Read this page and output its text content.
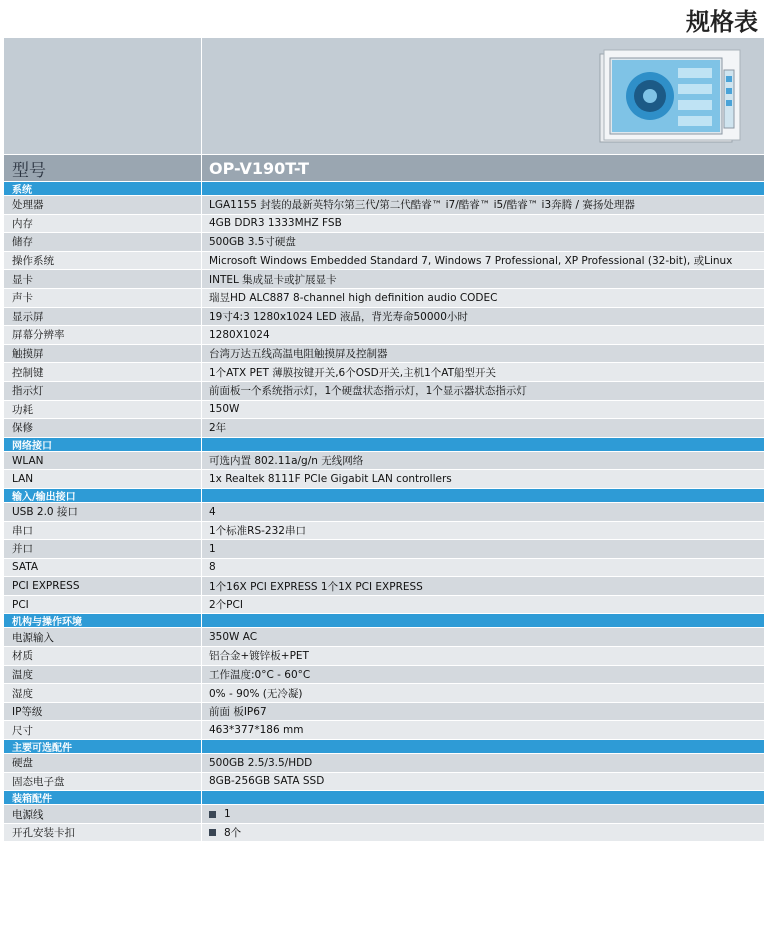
规格表
型号	OP-V190T-T
系统
处理器	LGA1155 封装的最新英特尔第三代/第二代酷睿™ i7/酷睿™ i5/酷睿™ i3奔腾 / 赛扬处理器
内存	4GB DDR3 1333MHZ FSB
储存	500GB 3.5寸硬盘
操作系统	Microsoft Windows Embedded Standard 7, Windows 7 Professional, XP Professional (32-bit), 或Linux
显卡	INTEL 集成显卡或扩展显卡
声卡	瑞昱HD ALC887 8-channel high definition audio CODEC
显示屏	19寸4:3 1280x1024 LED 液晶，背光寿命50000小时
屏幕分辨率	1280X1024
触摸屏	台湾万达五线高温电阻触摸屏及控制器
控制键	1个ATX PET 薄膜按键开关,6个OSD开关,主机1个AT船型开关
指示灯	前面板一个系统指示灯，1个硬盘状态指示灯，1个显示器状态指示灯
功耗	150W
保修	2年
网络接口
WLAN	可选内置 802.11a/g/n 无线网络
LAN	1x Realtek 8111F PCIe Gigabit LAN controllers
输入/输出接口
USB 2.0 接口	4
串口	1个标准RS-232串口
并口	1
SATA	8
PCI EXPRESS	1个16X PCI EXPRESS 1个1X PCI EXPRESS
PCI	2个PCI
机构与操作环境
电源输入	350W AC
材质	铝合金+镀锌板+PET
温度	工作温度:0°C - 60°C
湿度	0% - 90% (无冷凝)
IP等级	前面 板IP67
尺寸	463*377*186 mm
主要可选配件
硬盘	500GB 2.5/3.5/HDD
固态电子盘	8GB-256GB SATA SSD
装箱配件
电源线	1
开孔安装卡扣	8个
